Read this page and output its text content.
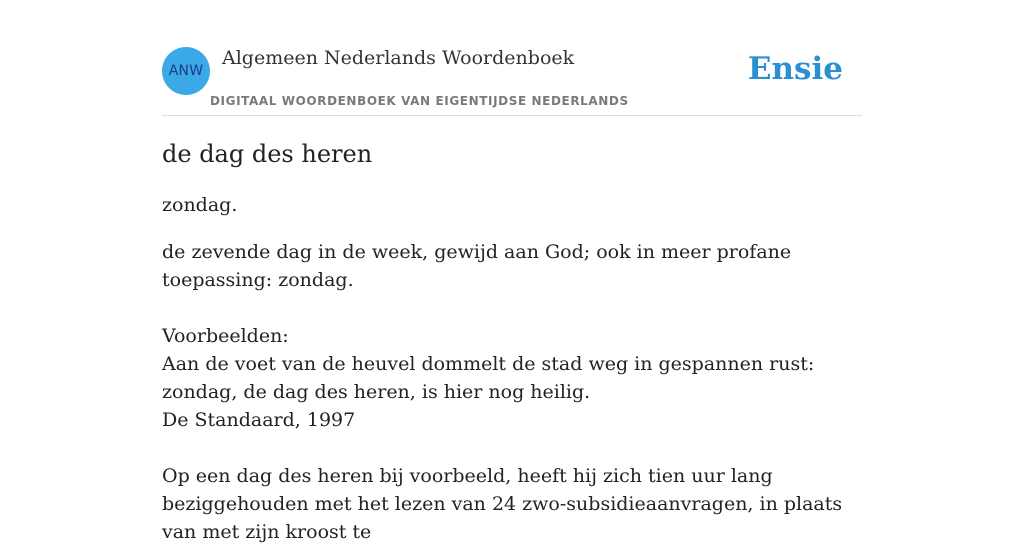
ANW
Algemeen Nederlands Woordenboek
DIGITAAL WOORDENBOEK VAN EIGENTIJDSE NEDERLANDS
Ensie
de dag des heren
zondag.
de zevende dag in de week, gewijd aan God; ook in meer profane toepassing: zondag.
Voorbeelden:
Aan de voet van de heuvel dommelt de stad weg in gespannen rust: zondag, de dag des heren, is hier nog heilig.
De Standaard, 1997
Op een dag des heren bij voorbeeld, heeft hij zich tien uur lang beziggehouden met het lezen van 24 zwo-subsidieaanvragen, in plaats van met zijn kroost te
